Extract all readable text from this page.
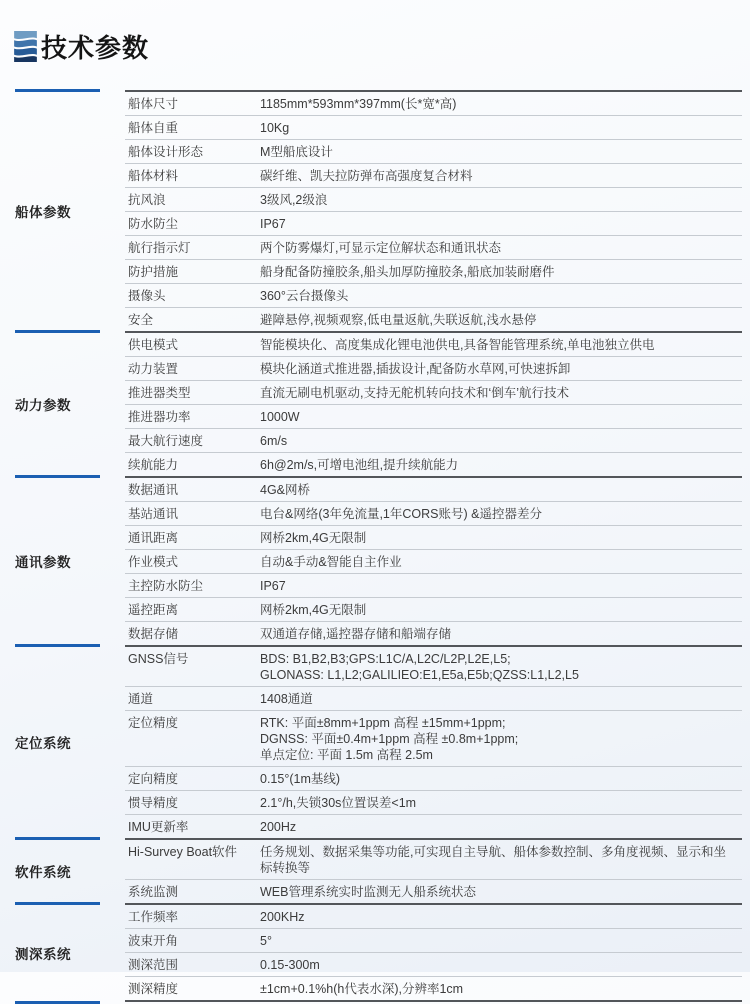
技术参数
船体参数
船体尺寸	1185mm*593mm*397mm(长*宽*高)
船体自重	10Kg
船体设计形态	M型船底设计
船体材料	碳纤维、凯夫拉防弹布高强度复合材料
抗风浪	3级风,2级浪
防水防尘	IP67
航行指示灯	两个防雾爆灯,可显示定位解状态和通讯状态
防护措施	船身配备防撞胶条,船头加厚防撞胶条,船底加装耐磨件
摄像头	360°云台摄像头
安全	避障悬停,视频观察,低电量返航,失联返航,浅水悬停
动力参数
供电模式	智能模块化、高度集成化锂电池供电,具备智能管理系统,单电池独立供电
动力装置	模块化涵道式推进器,插拔设计,配备防水草网,可快速拆卸
推进器类型	直流无刷电机驱动,支持无舵机转向技术和‘倒车’航行技术
推进器功率	1000W
最大航行速度	6m/s
续航能力	6h@2m/s,可增电池组,提升续航能力
通讯参数
数据通讯	4G&网桥
基站通讯	电台&网络(3年免流量,1年CORS账号) &遥控器差分
通讯距离	网桥2km,4G无限制
作业模式	自动&手动&智能自主作业
主控防水防尘	IP67
遥控距离	网桥2km,4G无限制
数据存储	双通道存储,遥控器存储和船端存储
定位系统
GNSS信号	BDS: B1,B2,B3;GPS:L1C/A,L2C/L2P,L2E,L5;
GLONASS: L1,L2;GALILIEO:E1,E5a,E5b;QZSS:L1,L2,L5
通道	1408通道
定位精度	RTK: 平面±8mm+1ppm 高程 ±15mm+1ppm;
DGNSS: 平面±0.4m+1ppm 高程 ±0.8m+1ppm;
单点定位: 平面 1.5m 高程 2.5m
定向精度	0.15°(1m基线)
惯导精度	2.1°/h,失锁30s位置误差<1m
IMU更新率	200Hz
软件系统
Hi-Survey Boat软件	任务规划、数据采集等功能,可实现自主导航、船体参数控制、多角度视频、显示和坐标转换等
系统监测	WEB管理系统实时监测无人船系统状态
测深系统
工作频率	200KHz
波束开角	5°
测深范围	0.15-300m
测深精度	±1cm+0.1%h(h代表水深),分辨率1cm
